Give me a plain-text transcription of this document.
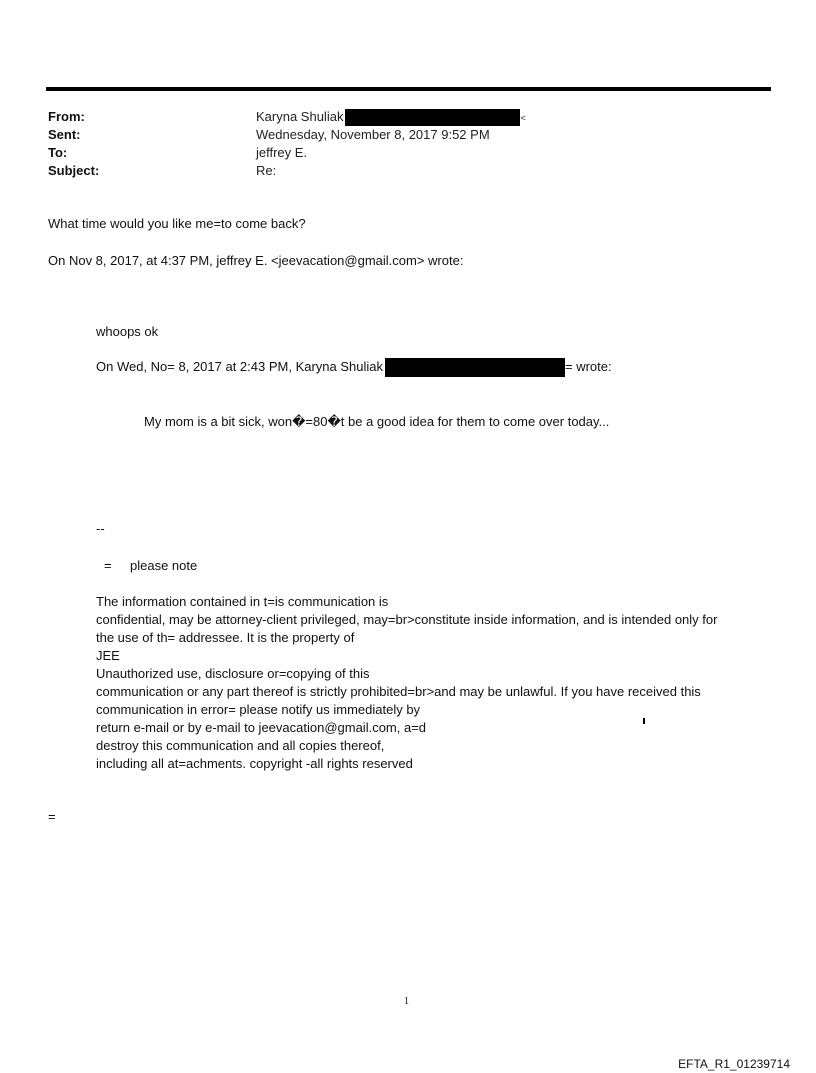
From:	Karyna Shuliak	<
Sent:	Wednesday, November 8, 2017 9:52 PM
To:	jeffrey E.
Subject:	Re:
What time would you like me=to come back?
On Nov 8, 2017, at 4:37 PM, jeffrey E. <jeevacation@gmail.com> wrote:
whoops ok
On Wed, No= 8, 2017 at 2:43 PM, Karyna Shuliak	= wrote:
My mom is a bit sick, won�=80�t be a good idea for them to come over today...
--
= please note
The information contained in t=is communication is
confidential, may be attorney-client privileged, may=br>constitute inside information, and is intended only for
the use of th= addressee. It is the property of
JEE
Unauthorized use, disclosure or=copying of this
communication or any part thereof is strictly prohibited=br>and may be unlawful. If you have received this
communication in error= please notify us immediately by
return e-mail or by e-mail to jeevacation@gmail.com, a=d
destroy this communication and all copies thereof,
including all at=achments. copyright -all rights reserved
=
1
EFTA_R1_01239714
